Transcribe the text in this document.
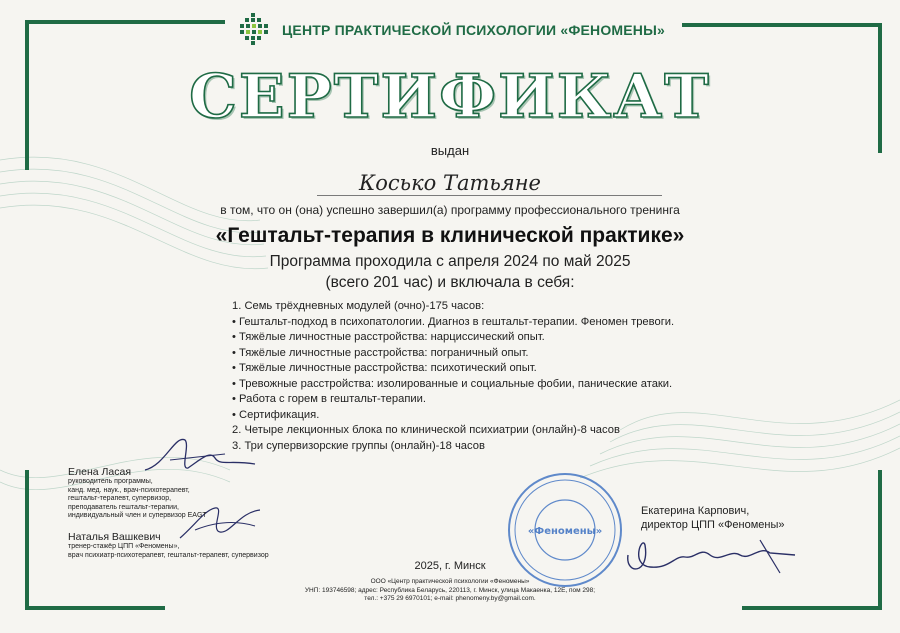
ЦЕНТР ПРАКТИЧЕСКОЙ ПСИХОЛОГИИ «ФЕНОМЕНЫ»
СЕРТИФИКАТ
выдан
Косько Татьяне
в том, что он (она) успешно завершил(а) программу профессионального тренинга
«Гештальт-терапия в клинической практике»
Программа проходила с апреля 2024 по май 2025
(всего 201 час) и включала в себя:
1. Семь трёхдневных модулей (очно)-175 часов:
• Гештальт-подход в психопатологии. Диагноз в гештальт-терапии. Феномен тревоги.
• Тяжёлые личностные расстройства: нарциссический опыт.
• Тяжёлые личностные расстройства: пограничный опыт.
• Тяжёлые личностные расстройства: психотический опыт.
• Тревожные расстройства: изолированные и социальные фобии, панические атаки.
• Работа с горем в гештальт-терапии.
• Сертификация.
2. Четыре лекционных блока по клинической психиатрии (онлайн)-8 часов
3. Три супервизорские группы (онлайн)-18 часов
Елена Ласая
руководитель программы,
канд. мед. наук., врач-психотерапевт,
гештальт-терапевт, супервизор,
преподаватель гештальт-терапии,
индивидуальный член и супервизор EAGT
Наталья Вашкевич
тренер-стажёр ЦПП «Феномены»,
врач психиатр-психотерапевт, гештальт-терапевт, супервизор
«Феномены»
Екатерина Карпович,
директор ЦПП «Феномены»
2025, г. Минск
ООО «Центр практической психологии «Феномены»
УНП: 193746598; адрес: Республика Беларусь, 220113, г. Минск, улица Макаенка, 12Е, пом 298;
тел.: +375 29 6970101; e-mail: phenomeny.by@gmail.com.
